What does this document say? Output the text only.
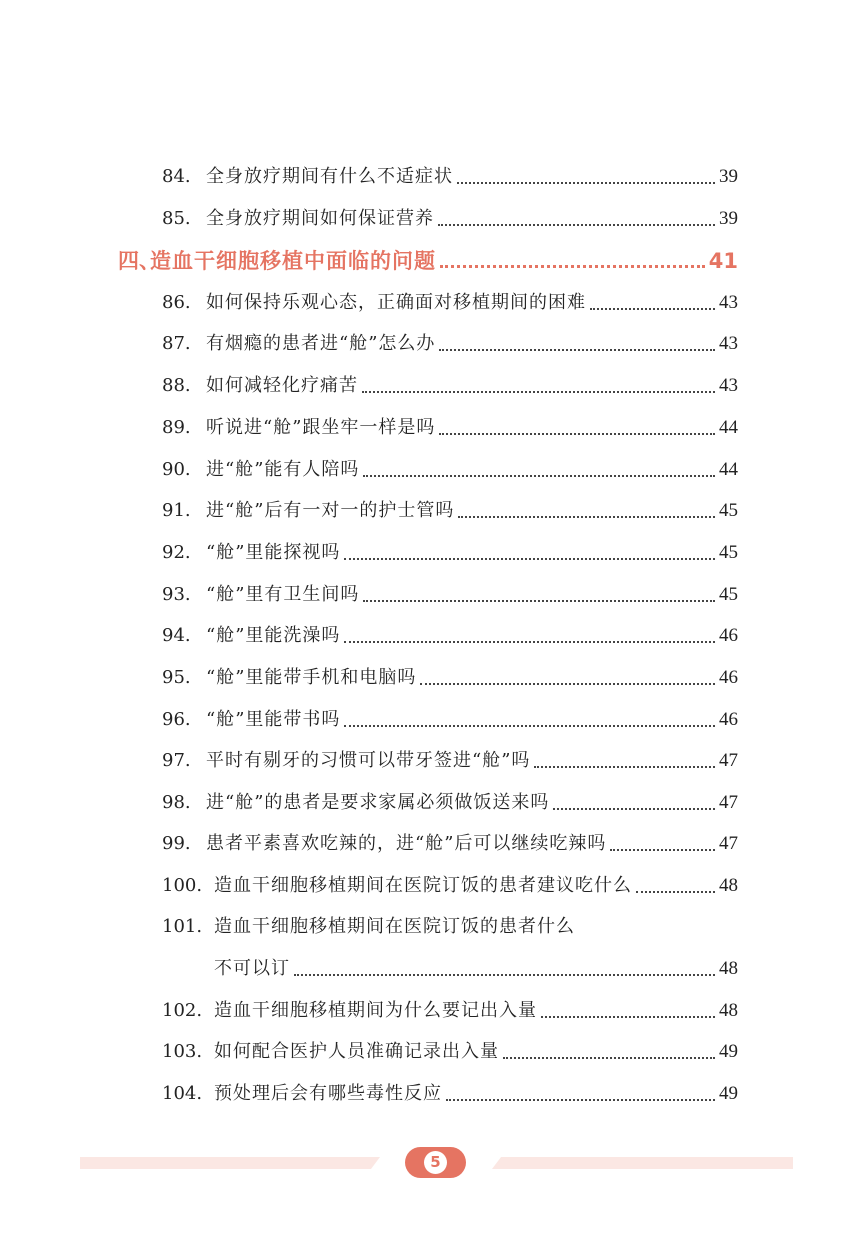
84. 全身放疗期间有什么不适症状	39
85. 全身放疗期间如何保证营养	39
四、
造血干细胞移植中面临的问题	41
86. 如何保持乐观心态，正确面对移植期间的困难	43
87. 有烟瘾的患者进“舱”怎么办	43
88. 如何减轻化疗痛苦	43
89. 听说进“舱”跟坐牢一样是吗	44
90. 进“舱”能有人陪吗	44
91. 进“舱”后有一对一的护士管吗	45
92. “舱”里能探视吗	45
93. “舱”里有卫生间吗	45
94. “舱”里能洗澡吗	46
95. “舱”里能带手机和电脑吗	46
96. “舱”里能带书吗	46
97. 平时有剔牙的习惯可以带牙签进“舱”吗	47
98. 进“舱”的患者是要求家属必须做饭送来吗	47
99. 患者平素喜欢吃辣的，进“舱”后可以继续吃辣吗	47
100. 造血干细胞移植期间在医院订饭的患者建议吃什么	48
101. 造血干细胞移植期间在医院订饭的患者什么
不可以订	48
102. 造血干细胞移植期间为什么要记出入量	48
103. 如何配合医护人员准确记录出入量	49
104. 预处理后会有哪些毒性反应	49
5
